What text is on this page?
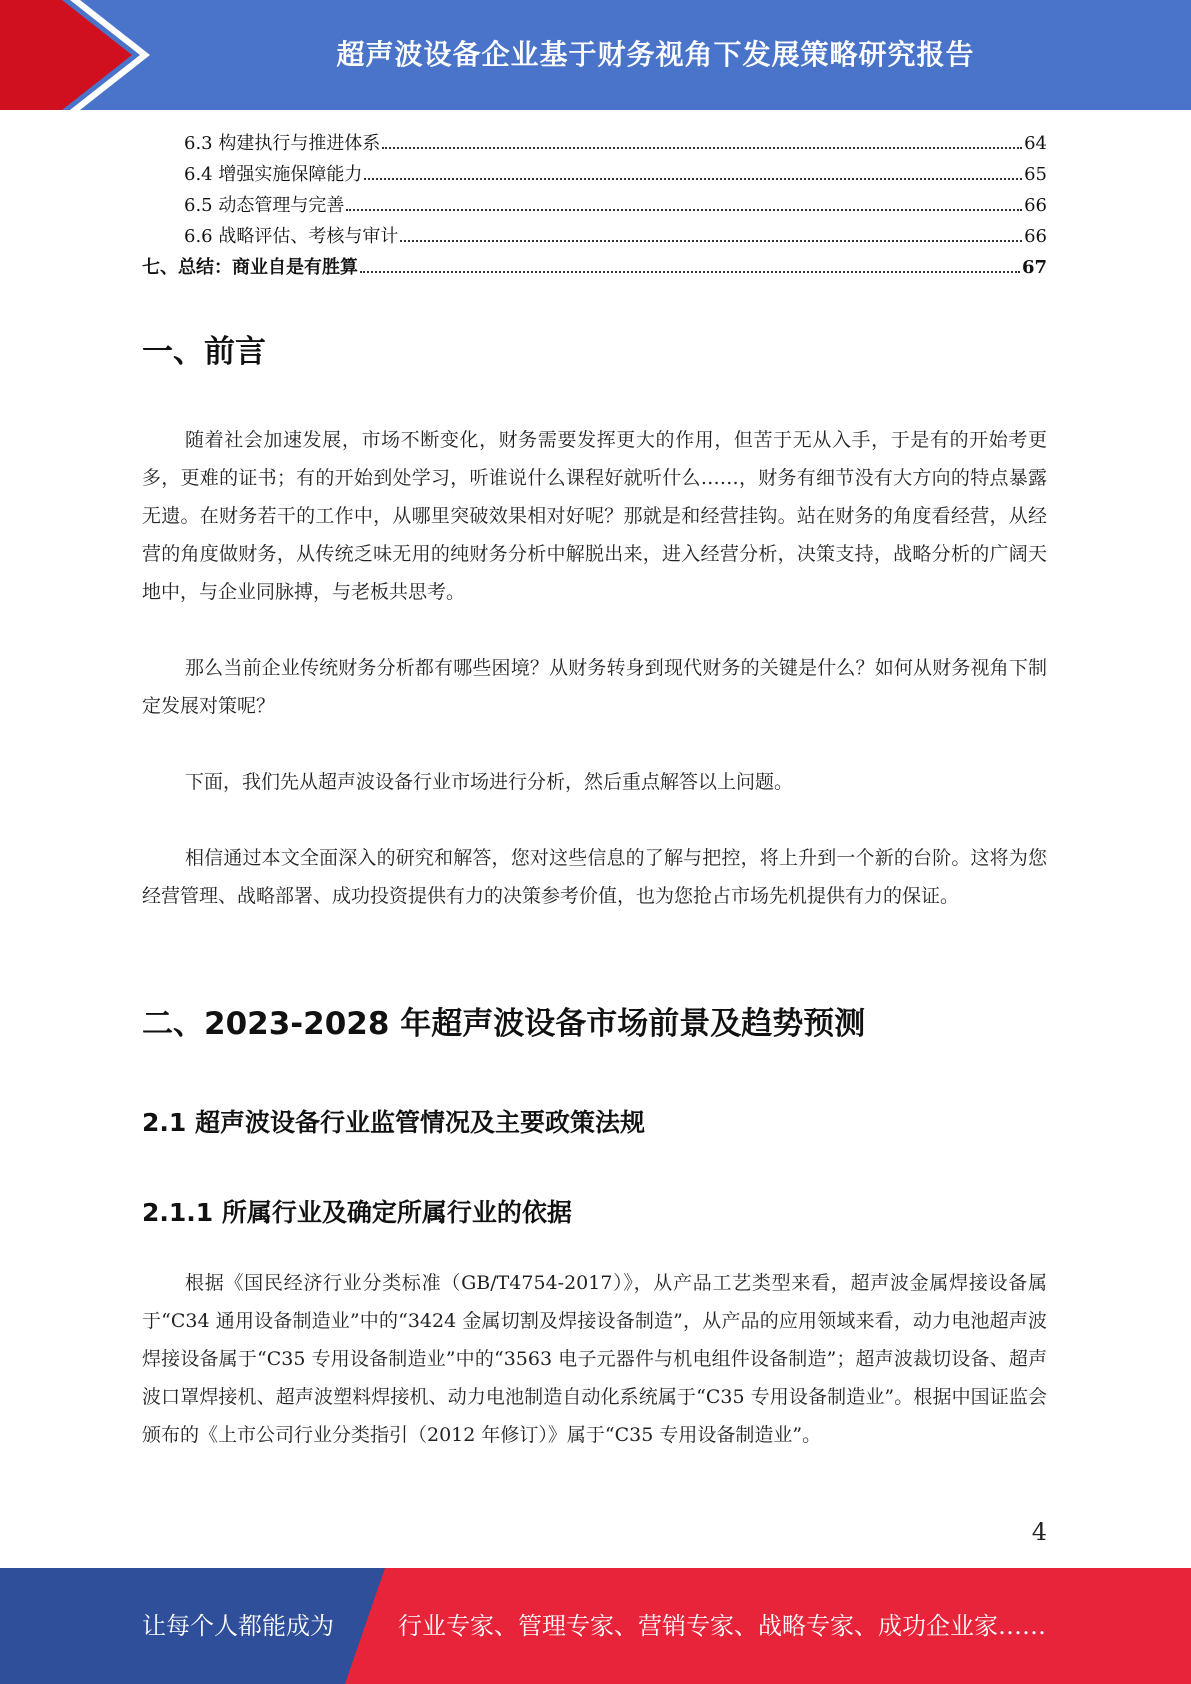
超声波设备企业基于财务视角下发展策略研究报告
6.3 构建执行与推进体系	64
6.4 增强实施保障能力	65
6.5 动态管理与完善	66
6.6 战略评估、考核与审计	66
七、总结：商业自是有胜算	67
一、前言

随着社会加速发展，市场不断变化，财务需要发挥更大的作用，但苦于无从入手，于是有的开始考更多，更难的证书；有的开始到处学习，听谁说什么课程好就听什么……，财务有细节没有大方向的特点暴露无遗。在财务若干的工作中，从哪里突破效果相对好呢？那就是和经营挂钩。站在财务的角度看经营，从经营的角度做财务，从传统乏味无用的纯财务分析中解脱出来，进入经营分析，决策支持，战略分析的广阔天地中，与企业同脉搏，与老板共思考。

那么当前企业传统财务分析都有哪些困境？从财务转身到现代财务的关键是什么？如何从财务视角下制定发展对策呢？

下面，我们先从超声波设备行业市场进行分析，然后重点解答以上问题。

相信通过本文全面深入的研究和解答，您对这些信息的了解与把控，将上升到一个新的台阶。这将为您经营管理、战略部署、成功投资提供有力的决策参考价值，也为您抢占市场先机提供有力的保证。

二、2023-2028 年超声波设备市场前景及趋势预测
2.1 超声波设备行业监管情况及主要政策法规
2.1.1 所属行业及确定所属行业的依据

根据《国民经济行业分类标准（GB/T4754-2017）》，从产品工艺类型来看，超声波金属焊接设备属于“C34 通用设备制造业”中的“3424 金属切割及焊接设备制造”，从产品的应用领域来看，动力电池超声波焊接设备属于“C35 专用设备制造业”中的“3563 电子元器件与机电组件设备制造”；超声波裁切设备、超声波口罩焊接机、超声波塑料焊接机、动力电池制造自动化系统属于“C35 专用设备制造业”。根据中国证监会颁布的《上市公司行业分类指引（2012 年修订）》属于“C35 专用设备制造业”。

4
让每个人都能成为	行业专家、管理专家、营销专家、战略专家、成功企业家……
